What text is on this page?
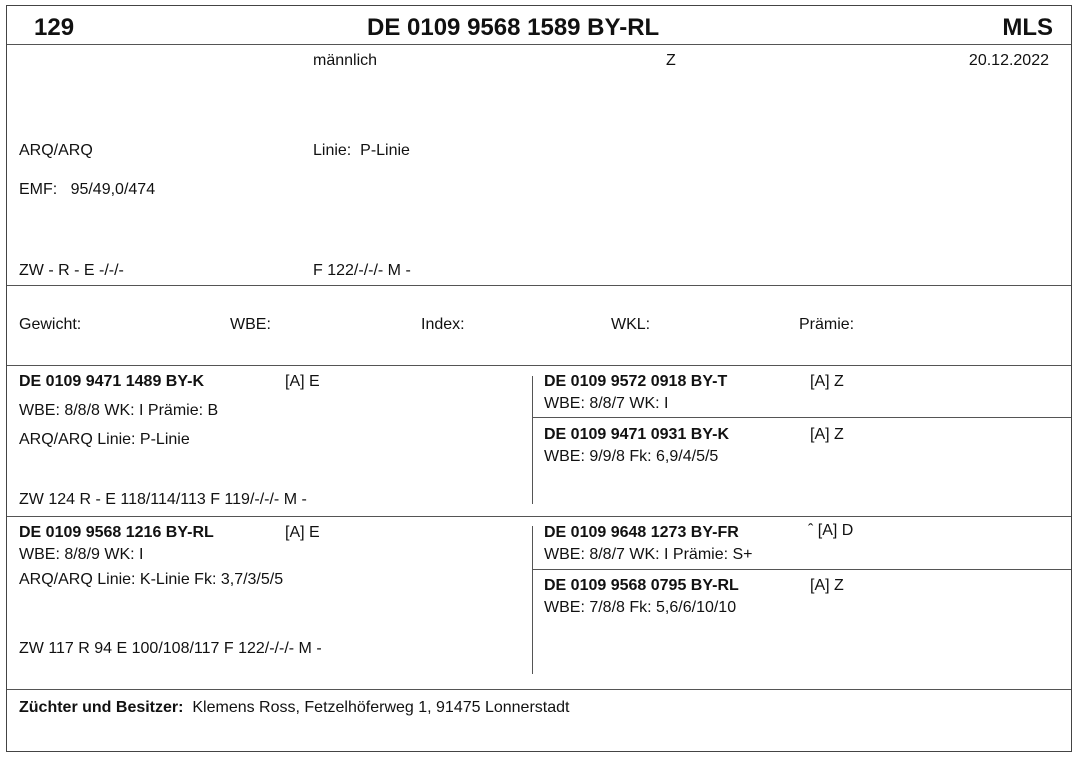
129	DE 0109 9568 1589 BY-RL	MLS
männlich	Z	20.12.2022
ARQ/ARQ	Linie: P-Linie
EMF: 95/49,0/474
ZW - R - E -/-/-	F 122/-/-/- M -
Gewicht:	WBE:	Index:	WKL:	Prämie:
DE 0109 9471 1489 BY-K	[A] E
WBE: 8/8/8 WK: I Prämie: B
ARQ/ARQ Linie: P-Linie
ZW 124 R - E 118/114/113 F 119/-/-/- M -
DE 0109 9572 0918 BY-T	[A] Z
WBE: 8/8/7 WK: I
DE 0109 9471 0931 BY-K	[A] Z
WBE: 9/9/8 Fk: 6,9/4/5/5
DE 0109 9568 1216 BY-RL	[A] E
WBE: 8/8/9 WK: I
ARQ/ARQ Linie: K-Linie Fk: 3,7/3/5/5
ZW 117 R 94 E 100/108/117 F 122/-/-/- M -
DE 0109 9648 1273 BY-FR	ˆ [A] D
WBE: 8/8/7 WK: I Prämie: S+
DE 0109 9568 0795 BY-RL	[A] Z
WBE: 7/8/8 Fk: 5,6/6/10/10
Züchter und Besitzer: Klemens Ross, Fetzelhöferweg 1, 91475 Lonnerstadt
